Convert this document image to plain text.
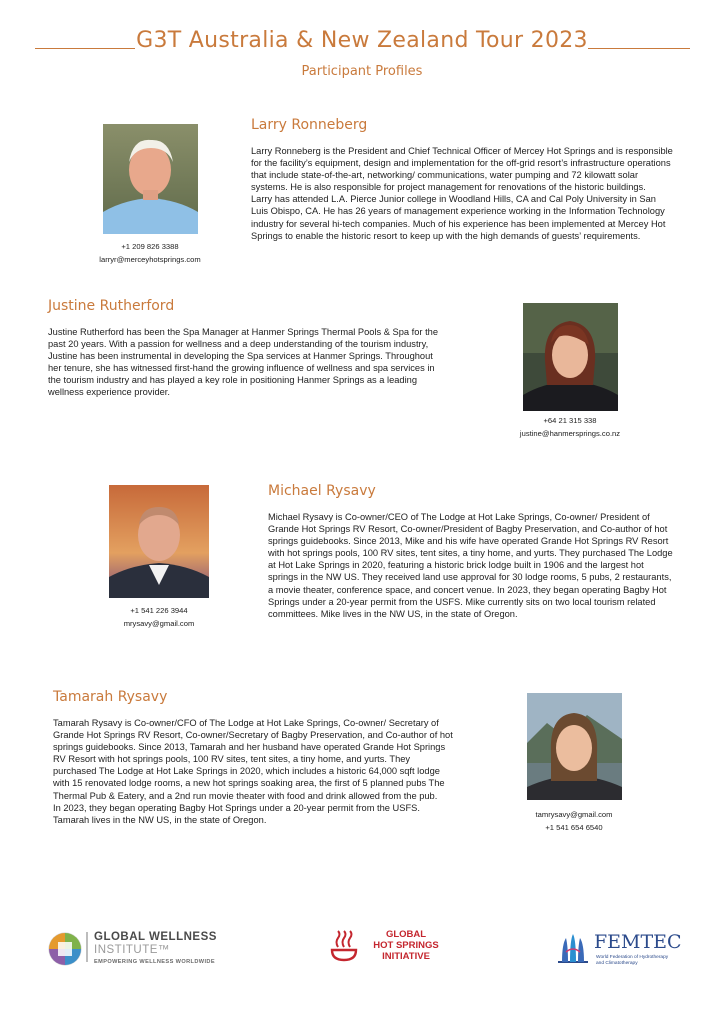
G3T Australia & New Zealand Tour 2023
Participant Profiles
+1 209 826 3388
larryr@merceyhotsprings.com
Larry Ronneberg

Larry Ronneberg is the President and Chief Technical Officer of Mercey Hot Springs and is responsible for the facility’s equipment, design and implementation for the off-grid resort’s infrastructure operations that include state-of-the-art, networking/ communications, water pumping and 72 kilowatt solar systems. He is also responsible for project management for renovations of the historic buildings.

Larry has attended L.A. Pierce Junior college in Woodland Hills, CA and Cal Poly University in San Luis Obispo, CA. He has 26 years of management experience working in the Information Technology industry for several hi-tech companies. Much of his experience has been implemented at Mercey Hot Springs to enable the historic resort to keep up with the high demands of guests’ requirements.

Justine Rutherford

Justine Rutherford has been the Spa Manager at Hanmer Springs Thermal Pools & Spa for the past 20 years. With a passion for wellness and a deep understanding of the tourism industry, Justine has been instrumental in developing the Spa services at Hanmer Springs. Throughout her tenure, she has witnessed first-hand the growing influence of wellness and spa services in the tourism industry and has played a key role in positioning Hanmer Springs as a leading wellness experience provider.

+64 21 315 338
justine@hanmersprings.co.nz
+1 541 226 3944
mrysavy@gmail.com
Michael Rysavy

Michael Rysavy is Co-owner/CEO of The Lodge at Hot Lake Springs, Co-owner/ President of Grande Hot Springs RV Resort, Co-owner/President of Bagby Preservation, and Co-author of hot springs guidebooks. Since 2013, Mike and his wife have operated Grande Hot Springs RV Resort with hot springs pools, 100 RV sites, tent sites, a tiny home, and yurts. They purchased The Lodge at Hot Lake Springs in 2020, featuring a historic brick lodge built in 1906 and the largest hot springs in the NW US. They received land use approval for 30 lodge rooms, 5 pubs, 2 restaurants, a movie theater, conference space, and concert venue. In 2023, they began operating Bagby Hot Springs under a 20-year permit from the USFS. Mike currently sits on two local tourism related committees. Mike lives in the NW US, in the state of Oregon.

Tamarah Rysavy

Tamarah Rysavy is Co-owner/CFO of The Lodge at Hot Lake Springs, Co-owner/ Secretary of Grande Hot Springs RV Resort, Co-owner/Secretary of Bagby Preservation, and Co-author of hot springs guidebooks. Since 2013, Tamarah and her husband have operated Grande Hot Springs RV Resort with hot springs pools, 100 RV sites, tent sites, a tiny home, and yurts. They purchased The Lodge at Hot Lake Springs in 2020, which includes a historic 64,000 sqft lodge with 15 renovated lodge rooms, a new hot springs soaking area, the first of 5 planned pubs The Thermal Pub & Eatery, and a 2nd run movie theater with food and drink allowed from the pub.

In 2023, they began operating Bagby Hot Springs under a 20-year permit from the USFS. Tamarah lives in the NW US, in the state of Oregon.

tamrysavy@gmail.com
+1 541 654 6540
GLOBAL WELLNESS
INSTITUTE™
EMPOWERING WELLNESS WORLDWIDE
GLOBAL
HOT SPRINGS
INITIATIVE
FEMTEC
World Federation of Hydrotherapy
and Climatotherapy
